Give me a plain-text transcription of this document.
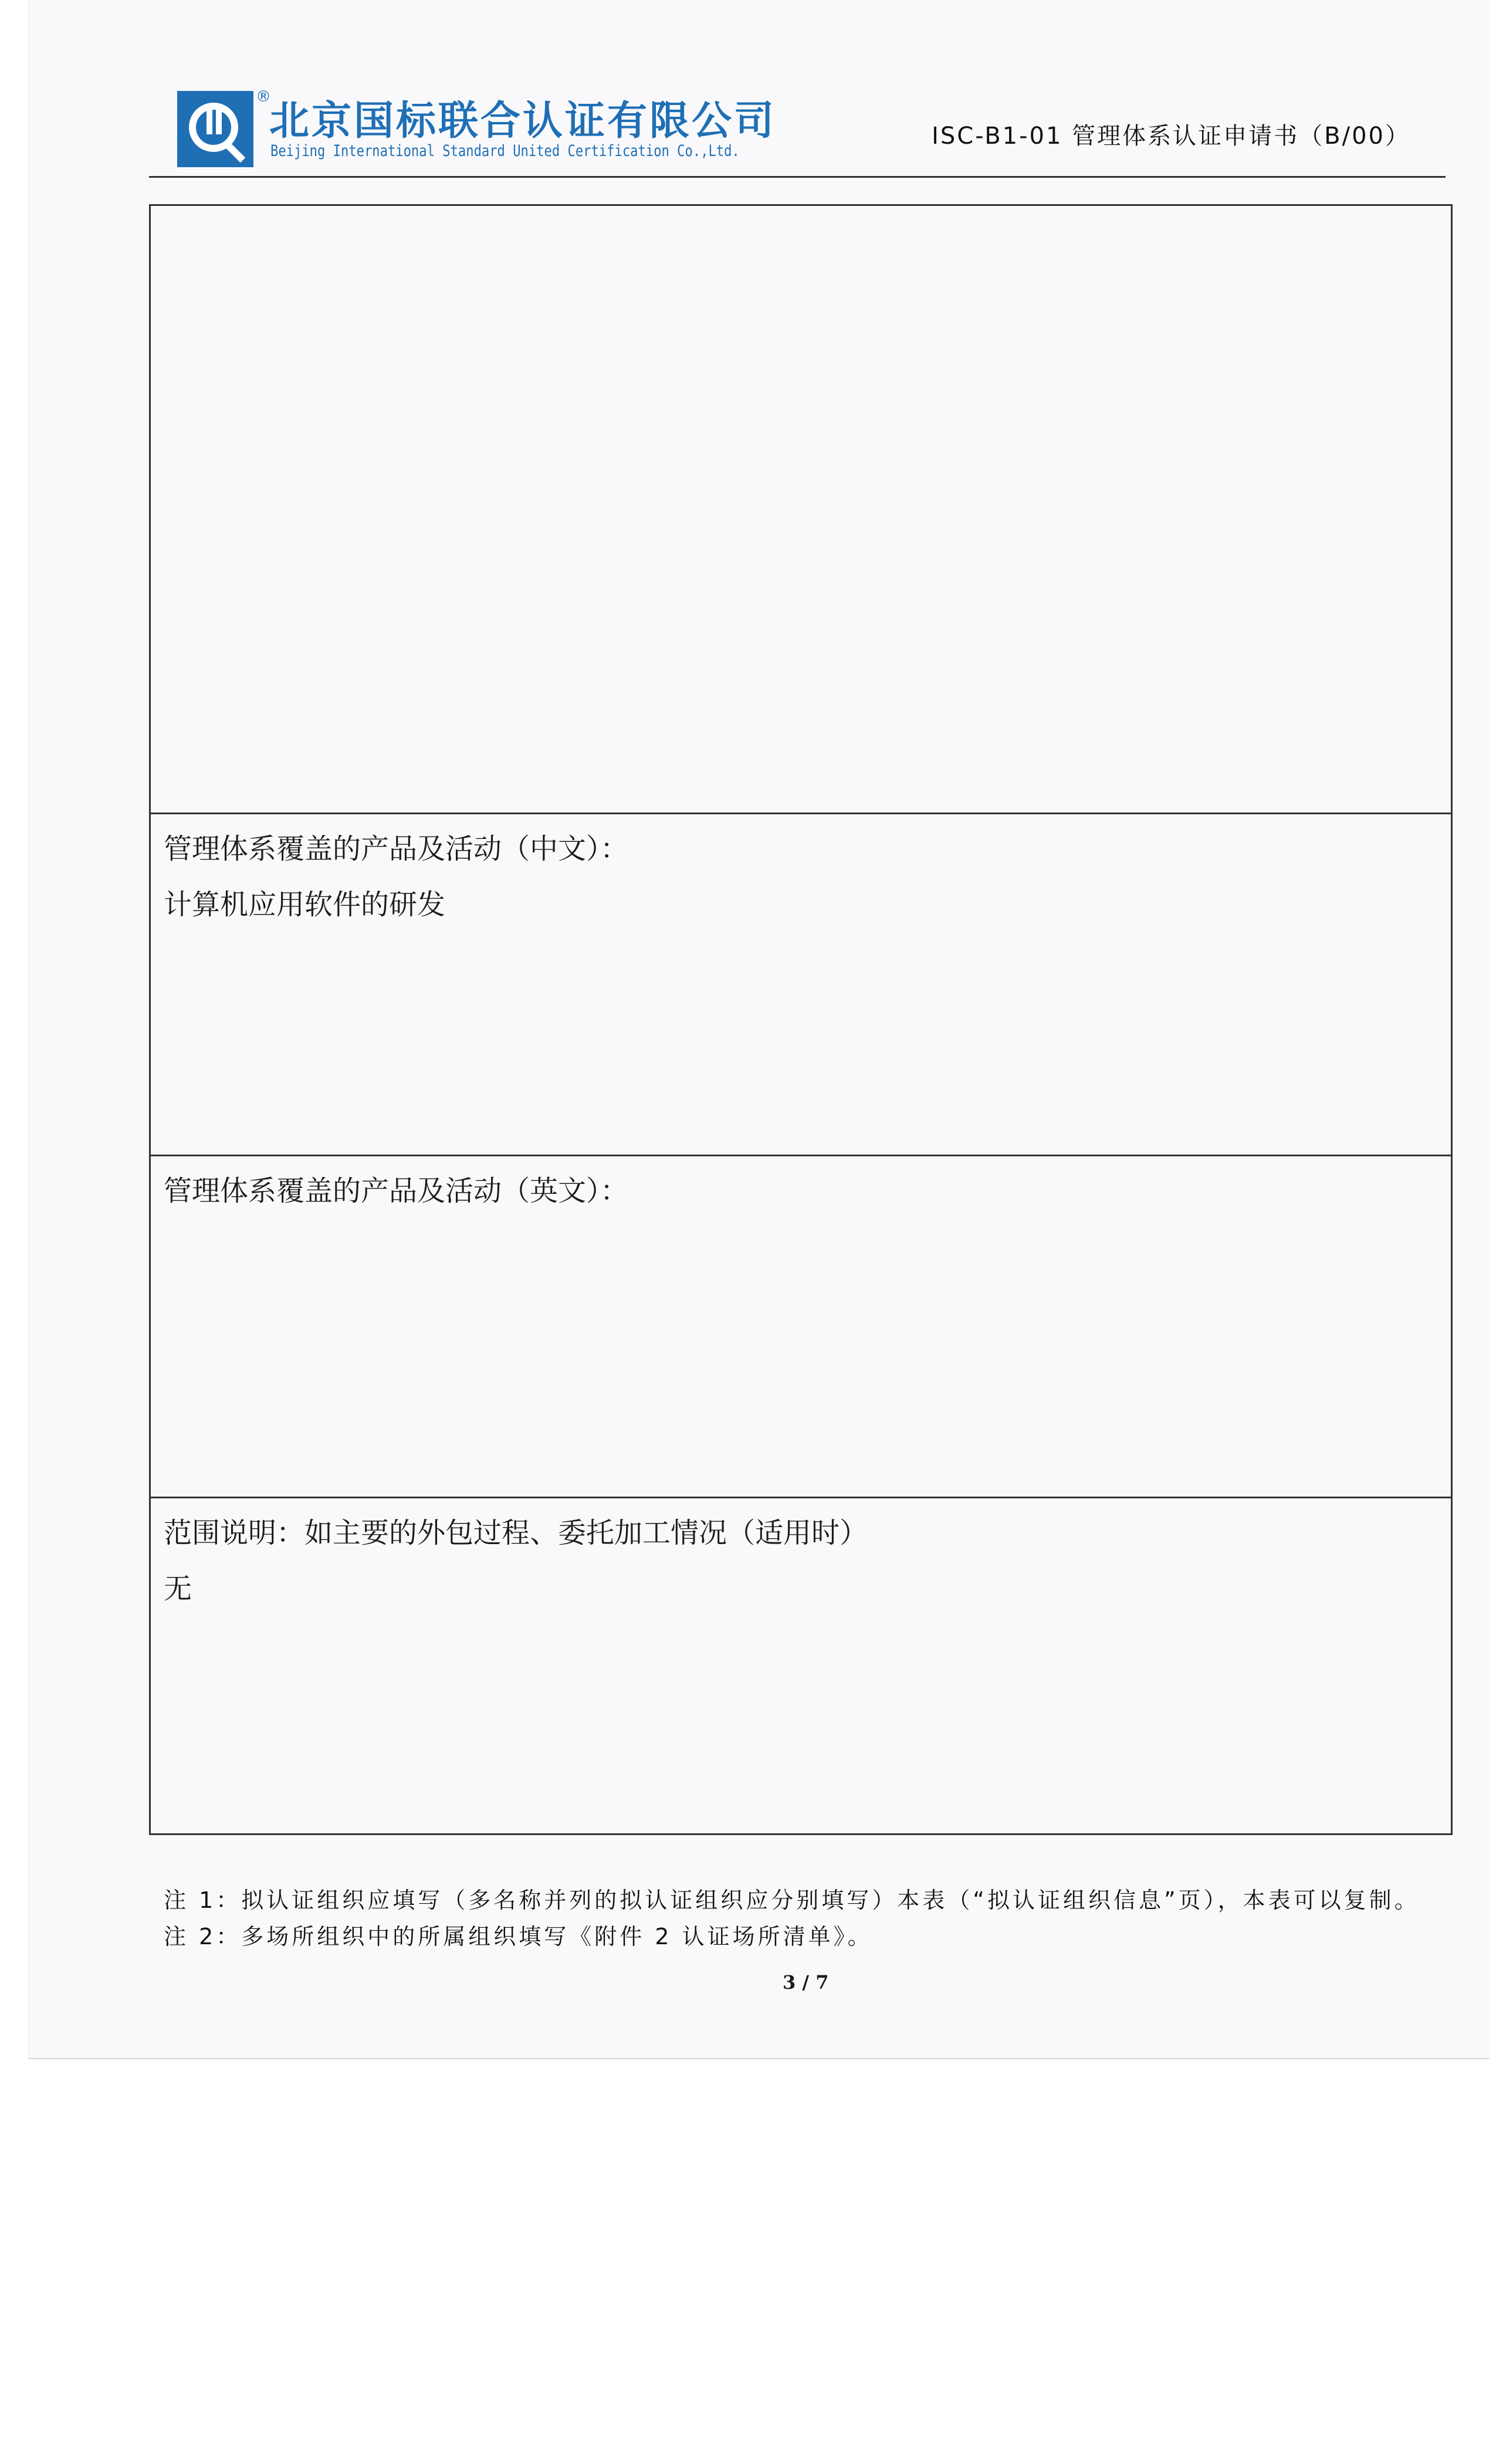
®
北京国标联合认证有限公司
Beijing International Standard United Certification Co.,Ltd.
ISC-B1-01 管理体系认证申请书（B/00）
管理体系覆盖的产品及活动（中文）：
计算机应用软件的研发
管理体系覆盖的产品及活动（英文）：
范围说明：如主要的外包过程、委托加工情况（适用时）
无
注 1：拟认证组织应填写（多名称并列的拟认证组织应分别填写）本表（“拟认证组织信息”页），本表可以复制。
注 2：多场所组织中的所属组织填写《附件 2 认证场所清单》。
3 / 7
